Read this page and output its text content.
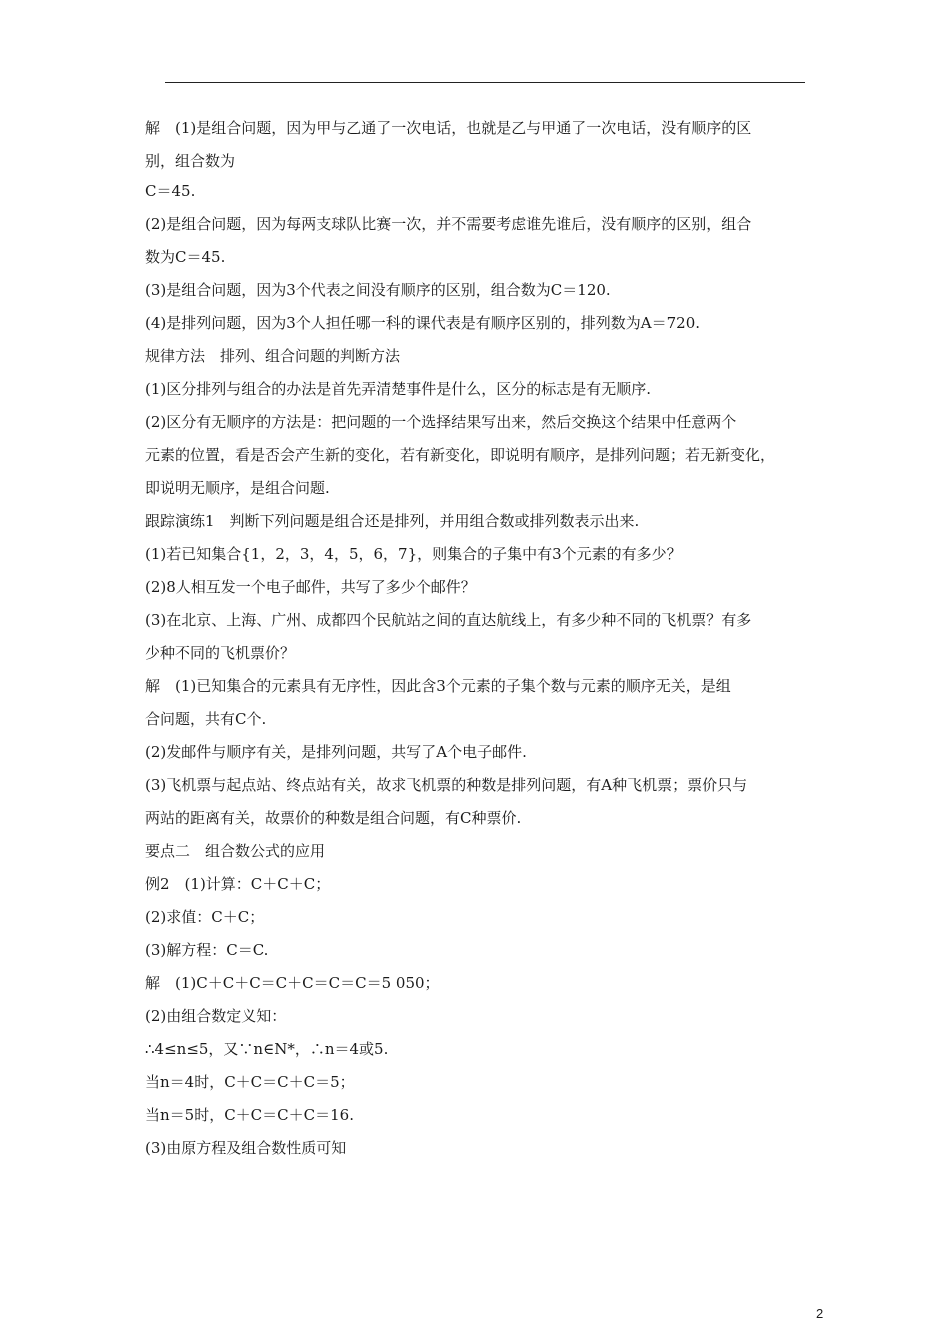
解　(1)是组合问题，因为甲与乙通了一次电话，也就是乙与甲通了一次电话，没有顺序的区
别，组合数为
C＝45.
(2)是组合问题，因为每两支球队比赛一次，并不需要考虑谁先谁后，没有顺序的区别，组合
数为C＝45.
(3)是组合问题，因为3个代表之间没有顺序的区别，组合数为C＝120.
(4)是排列问题，因为3个人担任哪一科的课代表是有顺序区别的，排列数为A＝720.
规律方法　排列、组合问题的判断方法
(1)区分排列与组合的办法是首先弄清楚事件是什么，区分的标志是有无顺序.
(2)区分有无顺序的方法是：把问题的一个选择结果写出来，然后交换这个结果中任意两个
元素的位置，看是否会产生新的变化，若有新变化，即说明有顺序，是排列问题；若无新变化，
即说明无顺序，是组合问题.
跟踪演练1　判断下列问题是组合还是排列，并用组合数或排列数表示出来.
(1)若已知集合{1，2，3，4，5，6，7}，则集合的子集中有3个元素的有多少？
(2)8人相互发一个电子邮件，共写了多少个邮件？
(3)在北京、上海、广州、成都四个民航站之间的直达航线上，有多少种不同的飞机票？有多
少种不同的飞机票价？
解　(1)已知集合的元素具有无序性，因此含3个元素的子集个数与元素的顺序无关，是组
合问题，共有C个.
(2)发邮件与顺序有关，是排列问题，共写了A个电子邮件.
(3)飞机票与起点站、终点站有关，故求飞机票的种数是排列问题，有A种飞机票；票价只与
两站的距离有关，故票价的种数是组合问题，有C种票价.
要点二　组合数公式的应用
例2　(1)计算：C＋C＋C；
(2)求值：C＋C；
(3)解方程：C＝C.
解　(1)C＋C＋C＝C＋C＝C＝C＝5 050；
(2)由组合数定义知：
∴4≤n≤5，又∵n∈N*，∴n＝4或5.
当n＝4时，C＋C＝C＋C＝5；
当n＝5时，C＋C＝C＋C＝16.
(3)由原方程及组合数性质可知
2
